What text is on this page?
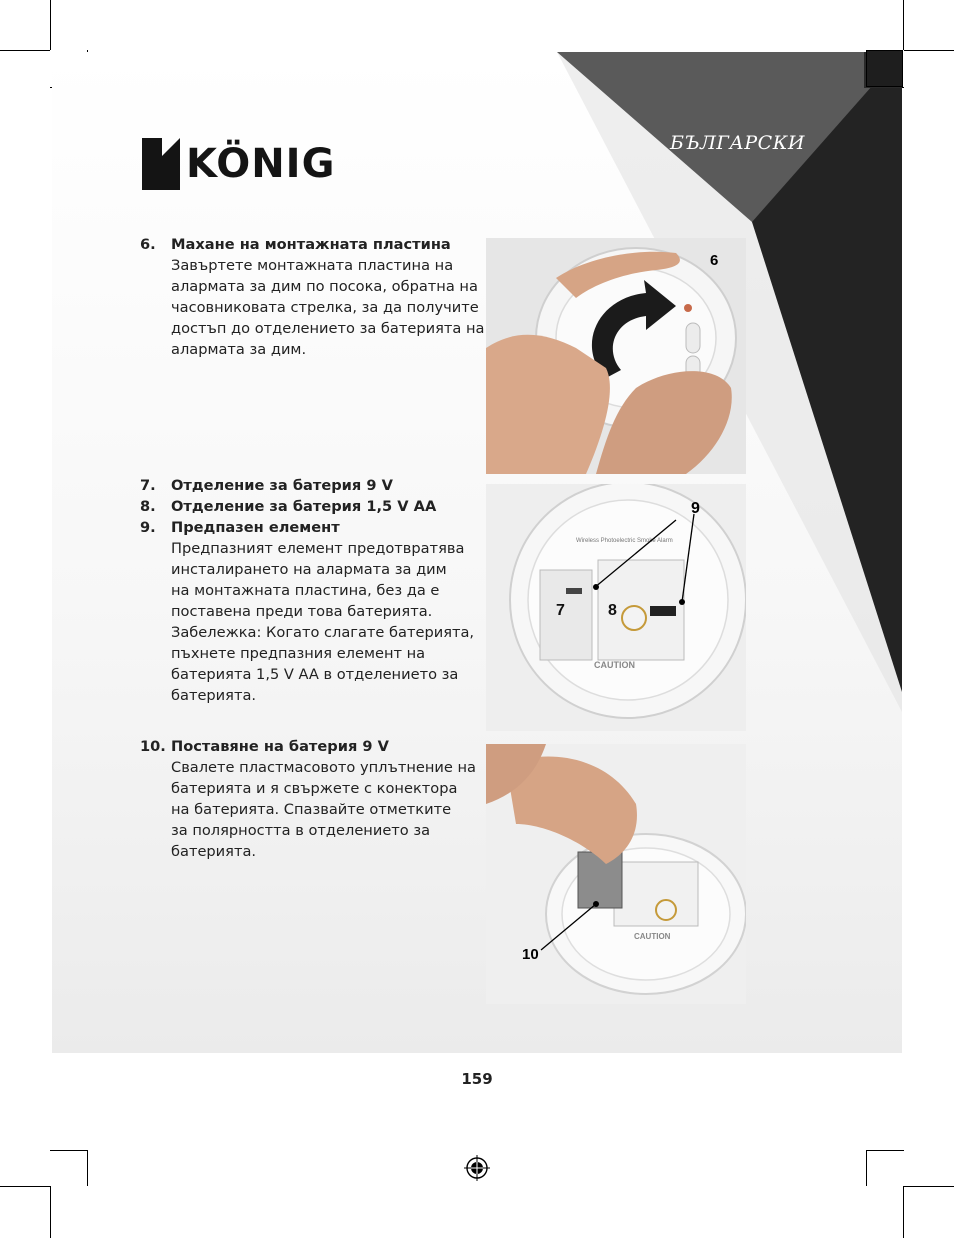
KÖNIG	БЪЛГАРСКИ
6.	Махане на монтажната пластина
Завъртете монтажната пластина на
алармата за дим по посока, обратна на
часовниковата стрелка, за да получите
достъп до отделението за батерията на
алармата за дим.
7.	Отделение за батерия 9 V
8.	Отделение за батерия 1,5 V AA
9.	Предпазен елемент
Предпазният елемент предотвратява
инсталирането на алармата за дим
на монтажната пластина, без да е
поставена преди това батерията.
Забележка: Когато слагате батерията,
пъхнете предпазния елемент на
батерията 1,5 V AA в отделението за
батерията.
10. Поставяне на батерия 9 V
Свалете пластмасовото уплътнение на
батерията и я свържете с конектора
на батерията. Спазвайте отметките
за полярността в отделението за
батерията.
6
Wireless Photoelectric Smoke Alarm
9
7	8
CAUTION
10
CAUTION
159
